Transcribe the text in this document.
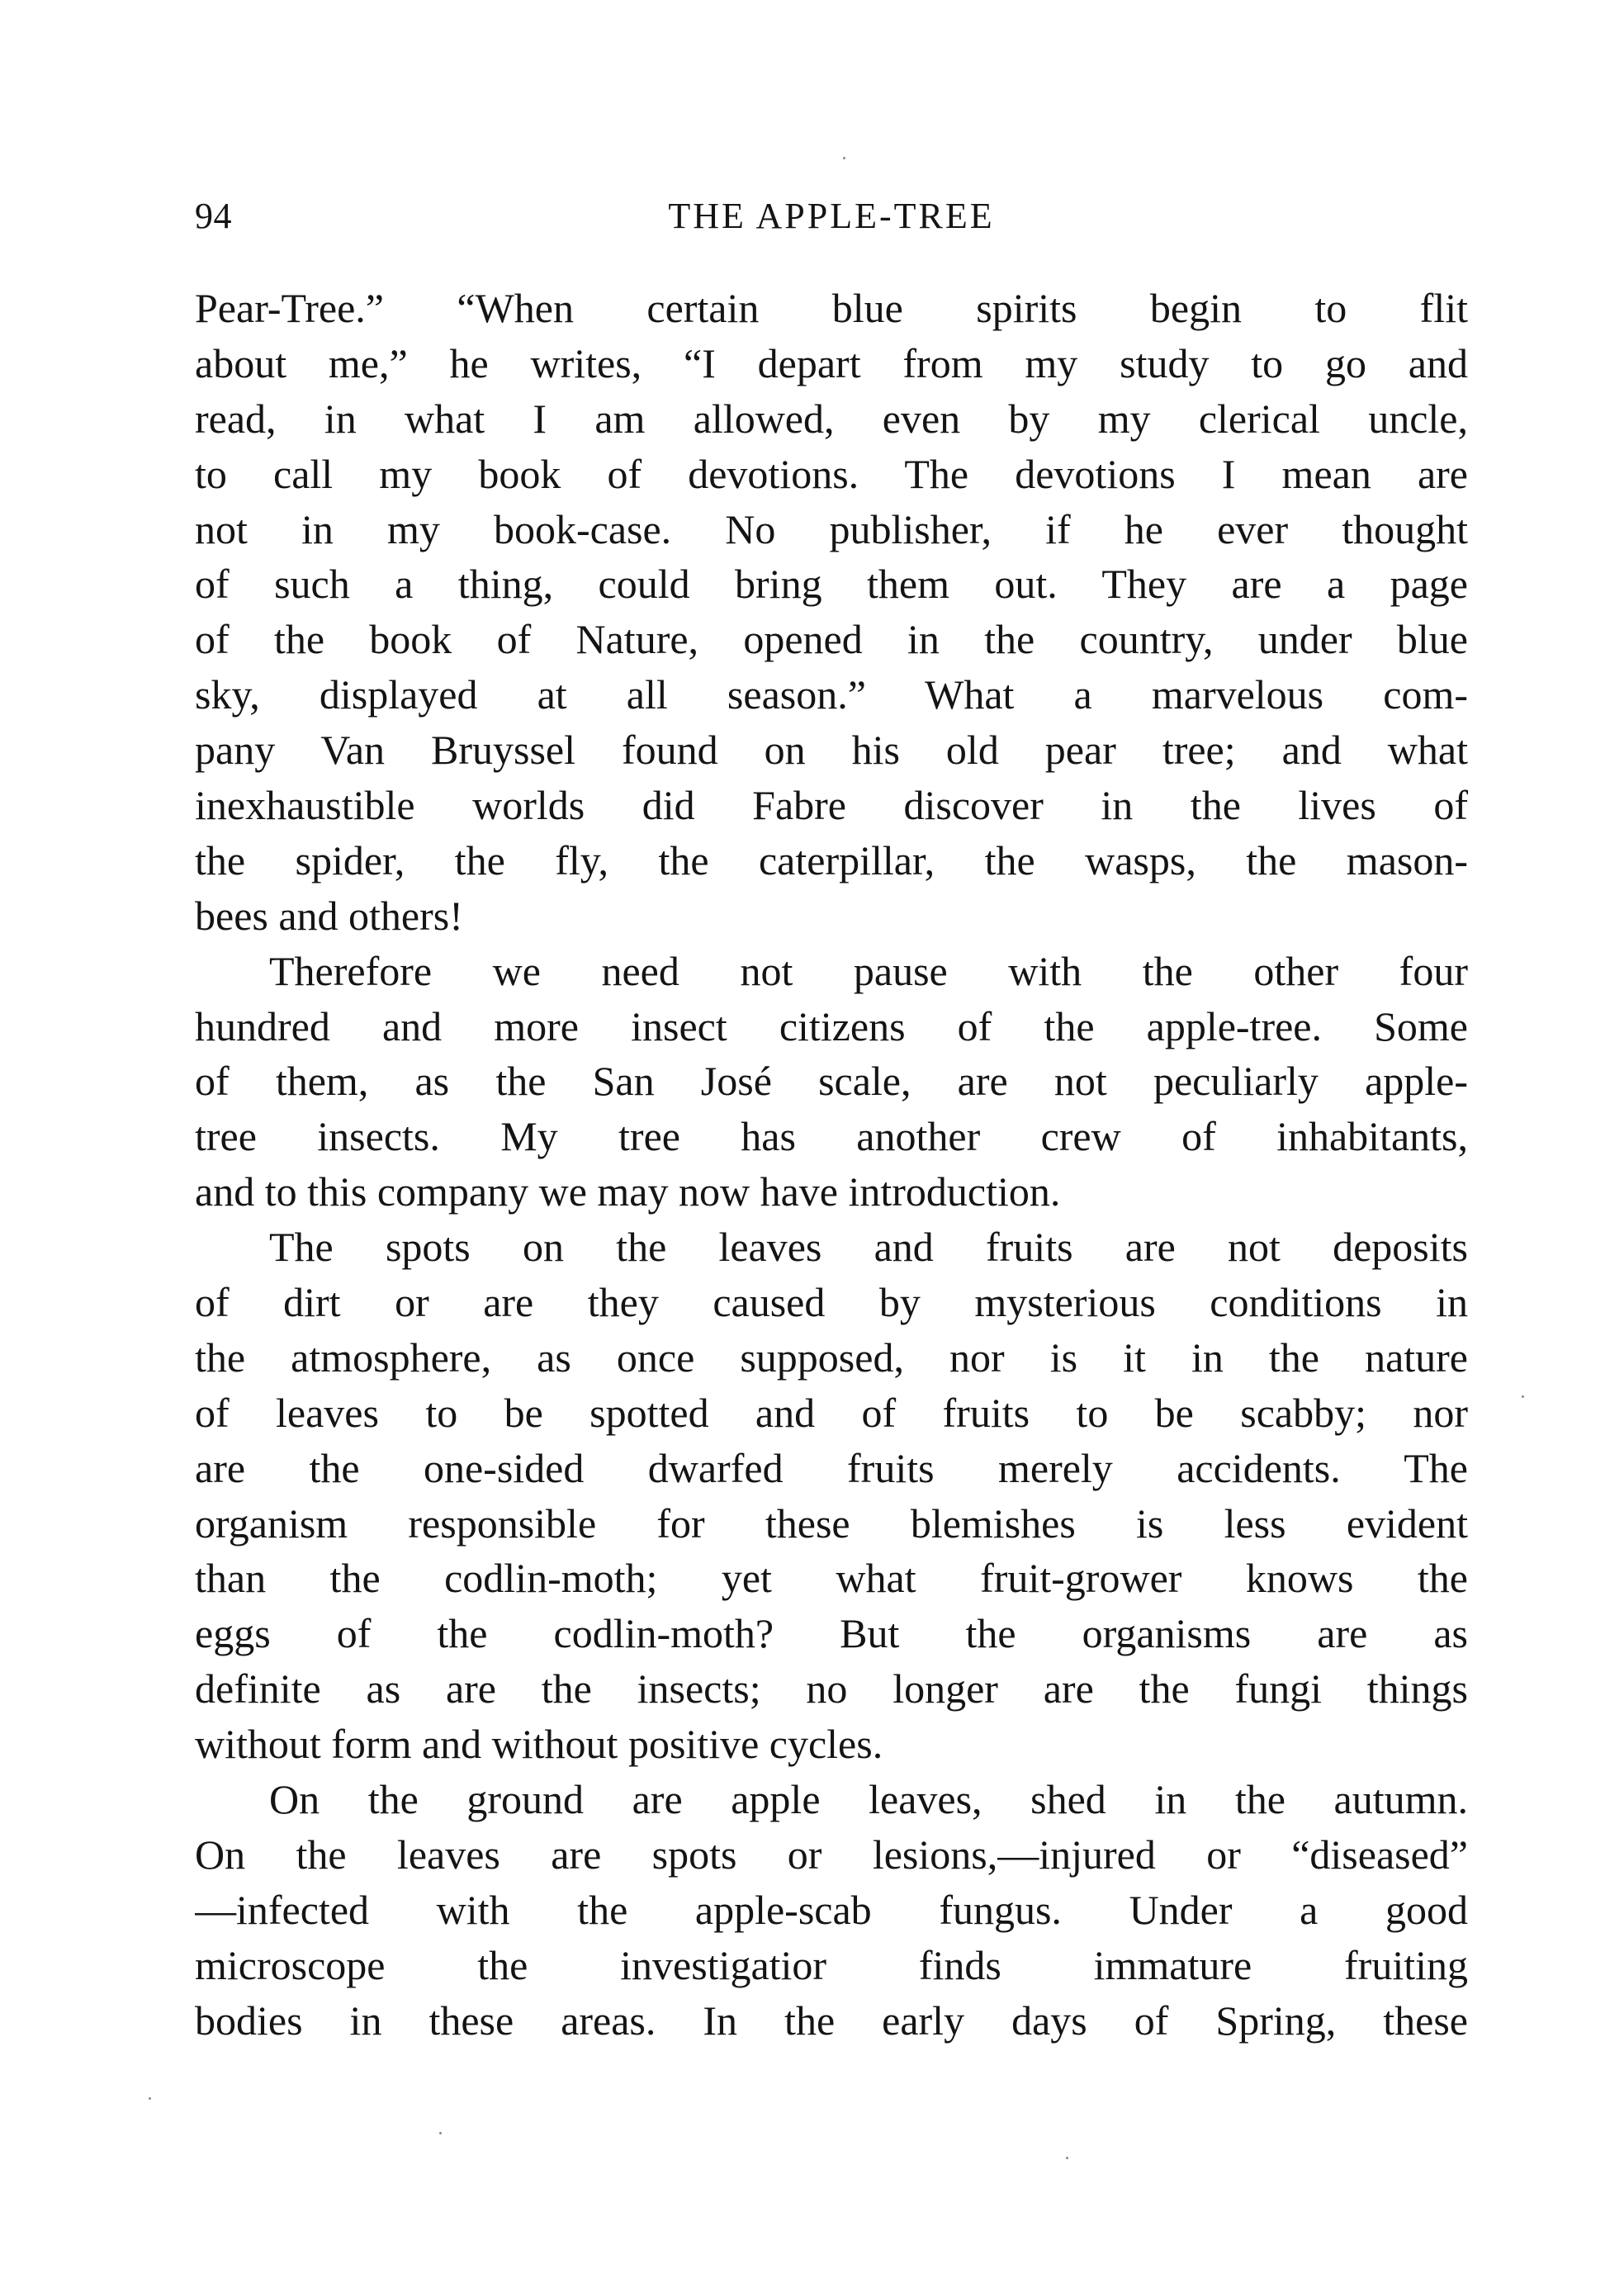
94	THE APPLE-TREE
Pear-Tree.” “When certain blue spirits begin to flit
about me,” he writes, “I depart from my study to go and
read, in what I am allowed, even by my clerical uncle,
to call my book of devotions. The devotions I mean are
not in my book-case. No publisher, if he ever thought
of such a thing, could bring them out. They are a page
of the book of Nature, opened in the country, under blue
sky, displayed at all season.” What a marvelous com-
pany Van Bruyssel found on his old pear tree; and what
inexhaustible worlds did Fabre discover in the lives of
the spider, the fly, the caterpillar, the wasps, the mason-
bees and others!
Therefore we need not pause with the other four
hundred and more insect citizens of the apple-tree. Some
of them, as the San José scale, are not peculiarly apple-
tree insects. My tree has another crew of inhabitants,
and to this company we may now have introduction.
The spots on the leaves and fruits are not deposits
of dirt or are they caused by mysterious conditions in
the atmosphere, as once supposed, nor is it in the nature
of leaves to be spotted and of fruits to be scabby; nor
are the one-sided dwarfed fruits merely accidents. The
organism responsible for these blemishes is less evident
than the codlin-moth; yet what fruit-grower knows the
eggs of the codlin-moth? But the organisms are as
definite as are the insects; no longer are the fungi things
without form and without positive cycles.
On the ground are apple leaves, shed in the autumn.
On the leaves are spots or lesions,—injured or “diseased”
—infected with the apple-scab fungus. Under a good
microscope the investigatior finds immature fruiting
bodies in these areas. In the early days of Spring, these
